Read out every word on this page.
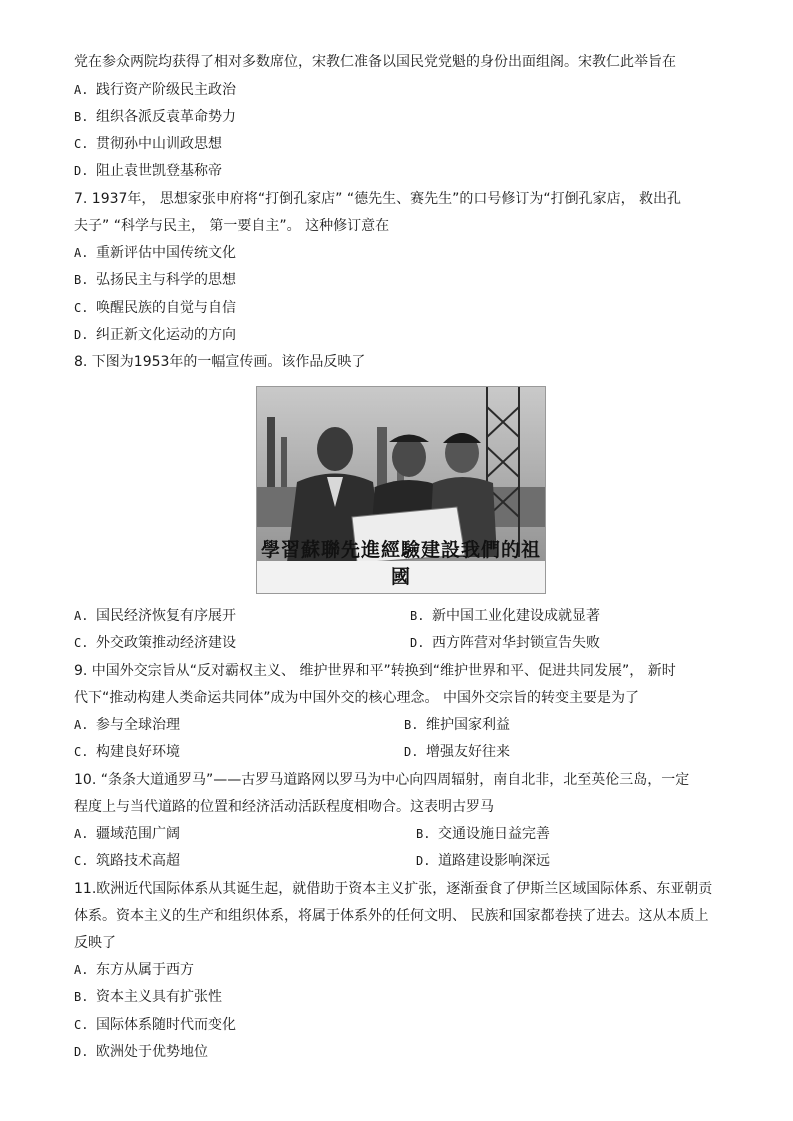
党在参众两院均获得了相对多数席位，宋教仁准备以国民党党魁的身份出面组阁。宋教仁此举旨在
A. 践行资产阶级民主政治
B. 组织各派反袁革命势力
C. 贯彻孙中山训政思想
D. 阻止袁世凯登基称帝
7. 1937年， 思想家张申府将“打倒孔家店” “德先生、赛先生”的口号修订为“打倒孔家店， 救出孔
夫子” “科学与民主， 第一要自主”。 这种修订意在
A. 重新评估中国传统文化
B. 弘扬民主与科学的思想
C. 唤醒民族的自觉与自信
D. 纠正新文化运动的方向
8. 下图为1953年的一幅宣传画。该作品反映了
學習蘇聯先進經驗建設我們的祖國
A. 国民经济恢复有序展开	B. 新中国工业化建设成就显著
C. 外交政策推动经济建设	D. 西方阵营对华封锁宣告失败
9. 中国外交宗旨从“反对霸权主义、 维护世界和平”转换到“维护世界和平、促进共同发展”， 新时
代下“推动构建人类命运共同体”成为中国外交的核心理念。 中国外交宗旨的转变主要是为了
A. 参与全球治理	B. 维护国家利益
C. 构建良好环境	D. 增强友好往来
10. “条条大道通罗马”——古罗马道路网以罗马为中心向四周辐射，南自北非，北至英伦三岛，一定
程度上与当代道路的位置和经济活动活跃程度相吻合。这表明古罗马
A. 疆域范围广阔	B. 交通设施日益完善
C. 筑路技术高超	D. 道路建设影响深远
11.欧洲近代国际体系从其诞生起，就借助于资本主义扩张，逐渐蚕食了伊斯兰区域国际体系、东亚朝贡
体系。资本主义的生产和组织体系，将属于体系外的任何文明、 民族和国家都卷挟了进去。这从本质上
反映了
A. 东方从属于西方
B. 资本主义具有扩张性
C. 国际体系随时代而变化
D. 欧洲处于优势地位
